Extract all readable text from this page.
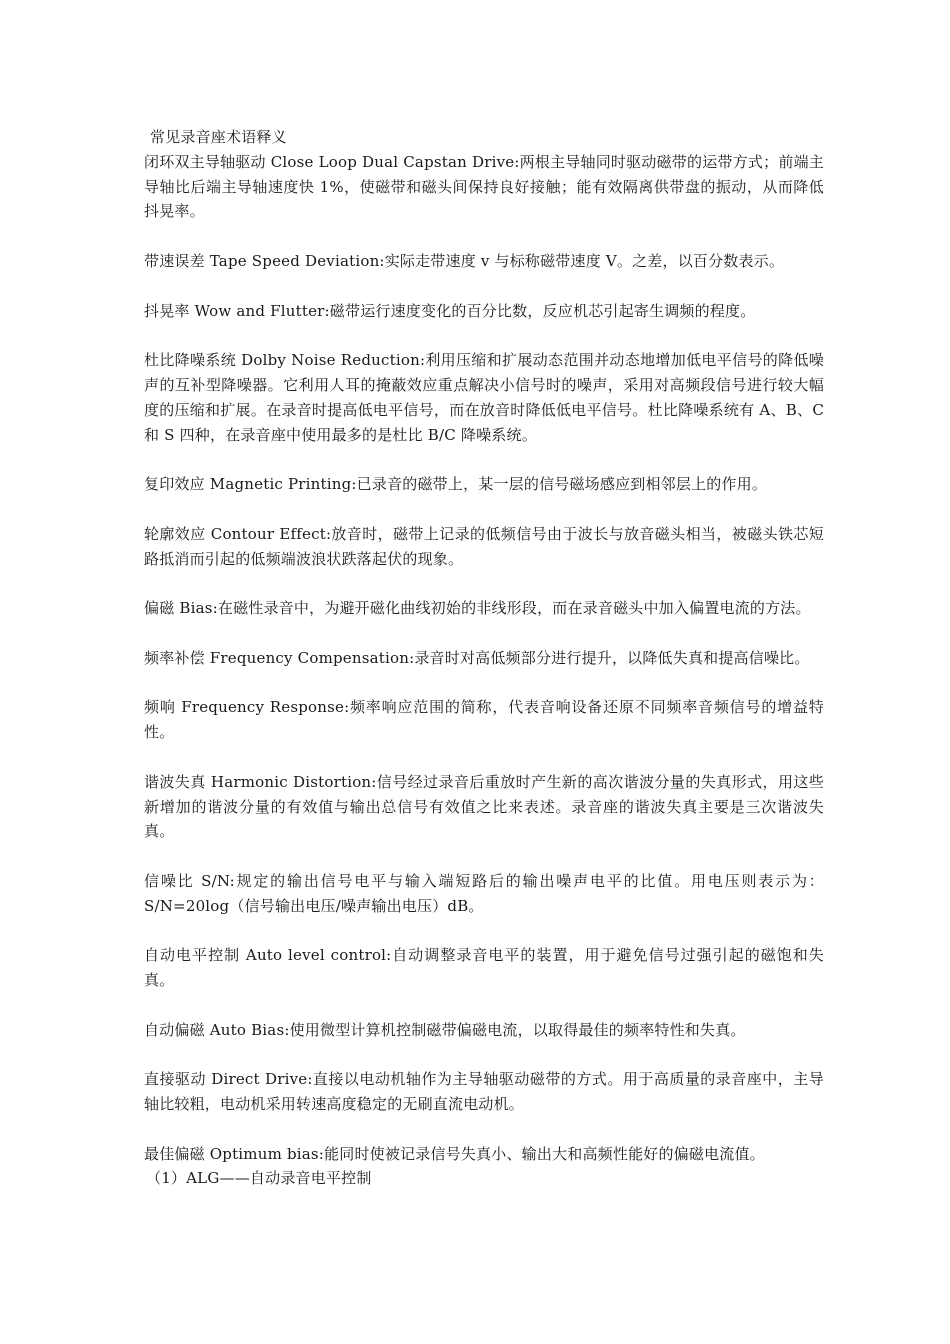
常见录音座术语释义

闭环双主导轴驱动 Close Loop Dual Capstan Drive:两根主导轴同时驱动磁带的运带方式；前端主导轴比后端主导轴速度快 1%，使磁带和磁头间保持良好接触；能有效隔离供带盘的振动，从而降低抖晃率。

带速误差 Tape Speed Deviation:实际走带速度 v 与标称磁带速度 V。之差，以百分数表示。

抖晃率 Wow and Flutter:磁带运行速度变化的百分比数，反应机芯引起寄生调频的程度。

杜比降噪系统 Dolby Noise Reduction:利用压缩和扩展动态范围并动态地增加低电平信号的降低噪声的互补型降噪器。它利用人耳的掩蔽效应重点解决小信号时的噪声，采用对高频段信号进行较大幅度的压缩和扩展。在录音时提高低电平信号，而在放音时降低低电平信号。杜比降噪系统有 A、B、C 和 S 四种，在录音座中使用最多的是杜比 B/C 降噪系统。

复印效应 Magnetic Printing:已录音的磁带上，某一层的信号磁场感应到相邻层上的作用。

轮廓效应 Contour Effect:放音时，磁带上记录的低频信号由于波长与放音磁头相当，被磁头铁芯短路抵消而引起的低频端波浪状跌落起伏的现象。

偏磁 Bias:在磁性录音中，为避开磁化曲线初始的非线形段，而在录音磁头中加入偏置电流的方法。

频率补偿 Frequency Compensation:录音时对高低频部分进行提升，以降低失真和提高信噪比。

频响 Frequency Response:频率响应范围的简称，代表音响设备还原不同频率音频信号的增益特性。

谐波失真 Harmonic Distortion:信号经过录音后重放时产生新的高次谐波分量的失真形式，用这些新增加的谐波分量的有效值与输出总信号有效值之比来表述。录音座的谐波失真主要是三次谐波失真。

信噪比 S/N:规定的输出信号电平与输入端短路后的输出噪声电平的比值。用电压则表示为：S/N=20log（信号输出电压/噪声输出电压）dB。

自动电平控制 Auto level control:自动调整录音电平的装置，用于避免信号过强引起的磁饱和失真。

自动偏磁 Auto Bias:使用微型计算机控制磁带偏磁电流，以取得最佳的频率特性和失真。

直接驱动 Direct Drive:直接以电动机轴作为主导轴驱动磁带的方式。用于高质量的录音座中，主导轴比较粗，电动机采用转速高度稳定的无刷直流电动机。

最佳偏磁 Optimum bias:能同时使被记录信号失真小、输出大和高频性能好的偏磁电流值。

（1）ALG——自动录音电平控制
